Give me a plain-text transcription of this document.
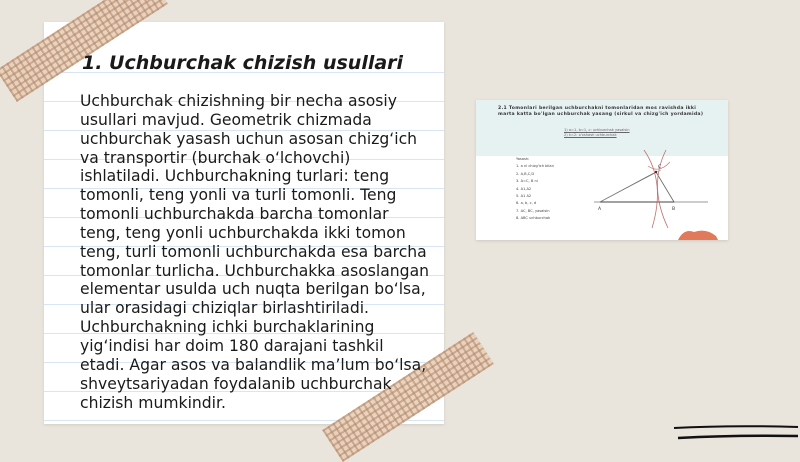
1. Uchburchak chizish usullari
Uchburchak chizishning bir necha asosiy usullari mavjud. Geometrik chizmada uchburchak yasash uchun asosan chizg‘ich va transportir (burchak o‘lchovchi) ishlatiladi. Uchburchakning turlari: teng tomonli, teng yonli va turli tomonli. Teng tomonli uchburchakda barcha tomonlar teng, teng yonli uchburchakda ikki tomon teng, turli tomonli uchburchakda esa barcha tomonlar turlicha. Uchburchakka asoslangan elementar usulda uch nuqta berilgan bo‘lsa, ular orasidagi chiziqlar birlashtiriladi. Uchburchakning ichki burchaklarining yig‘indisi har doim 180 darajani tashkil etadi. Agar asos va balandlik ma’lum bo‘lsa, shveytsariyadan foydalanib uchburchak chizish mumkindir.
2.1 Tomonlari berilgan uchburchakni tomonlaridan mos ravishda ikki marta katta bo'lgan uchburchak yasang (sirkul va chizg'ich yordamida)
1) a=1, b=1, c: uchburchak yasalsin
2) k=2: o'xshash uchburchak
Yasash:
1. a ni chizg'ich bilan
2. A,B,C,D
3. A=C, B ni
4. A1,A2
5. A1 A2
6. a, b, c, d
7. AC, BC, yasalsin
8. ABC uchburchak
A	B
C
